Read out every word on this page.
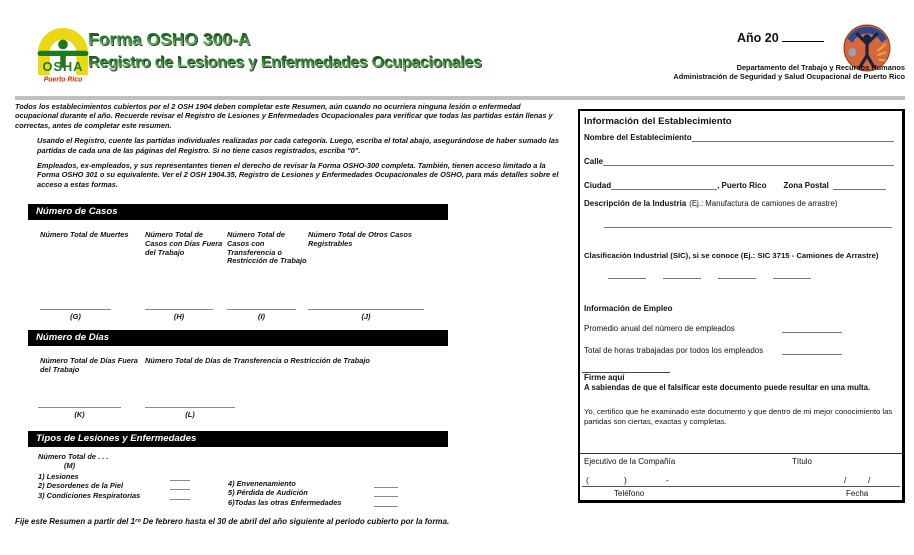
OSHA
Puerto Rico
Forma OSHO 300-A
Registro de Lesiones y Enfermedades Ocupacionales
Año 20
Departamento del Trabajo y Recursos Humanos
Administración de Seguridad y Salud Ocupacional de Puerto Rico

Todos los establecimientos cubiertos por el 2 OSH 1904 deben completar este Resumen, aún cuando no ocurriera ninguna lesión o enfermedad ocupacional durante el año. Recuerde revisar el Registro de Lesiones y Enfermedades Ocupacionales para verificar que todas las partidas están llenas y correctas, antes de completar este resumen.

Usando el Registro, cuente las partidas individuales realizadas por cada categoría. Luego, escriba el total abajo, asegurándose de haber sumado las partidas de cada una de las páginas del Registro. Si no tiene casos registrados, escriba "0".

Empleados, ex-empleados, y sus representantes tienen el derecho de revisar la Forma OSHO-300 completa. También, tienen acceso limitado a la Forma OSHO 301 o su equivalente. Ver el 2 OSH 1904.35, Registro de Lesiones y Enfermedades Ocupacionales de OSHO, para más detalles sobre el acceso a estas formas.

Número de Casos
Número Total de Muertes
(G)
Número Total de Casos con Días Fuera del Trabajo
(H)
Número Total de Casos con Transferencia o Restricción de Trabajo
(I)
Número Total de Otros Casos Registrables
(J)
Número de Días
Número Total de Días Fuera del Trabajo
(K)
Número Total de Días de Transferencia o Restricción de Trabajo
(L)
Tipos de Lesiones y Enfermedades
Número Total de . . .
(M)
1) Lesiones
2) Desordenes de la Piel
3) Condiciones Respiratorias
4) Envenenamiento
5) Pérdida de Audición
6)Todas las otras Enfermedades
Fije este Resumen a partir del 1ʳᵒ De febrero hasta el 30 de abril del año siguiente al periodo cubierto por la forma.
Información del Establecimiento
Nombre del Establecimiento
Calle
Ciudad	, Puerto Rico Zona Postal
Descripción de la Industria (Ej.: Manufactura de camiones de arrastre)
Clasificación Industrial (SIC), si se conoce (Ej.: SIC 3715 - Camiones de Arrastre)
Información de Empleo
Promedio anual del número de empleados
Total de horas trabajadas por todos los empleados
Firme aquí
A sabiendas de que el falsificar este documento puede resultar en una multa.
Yo, certifico que he examinado este documento y que dentro de mi mejor conocimiento las partidas son ciertas, exactas y completas.
Ejecutivo de la Compañía	Título
(	)	-	/	/
Teléfono	Fecha
